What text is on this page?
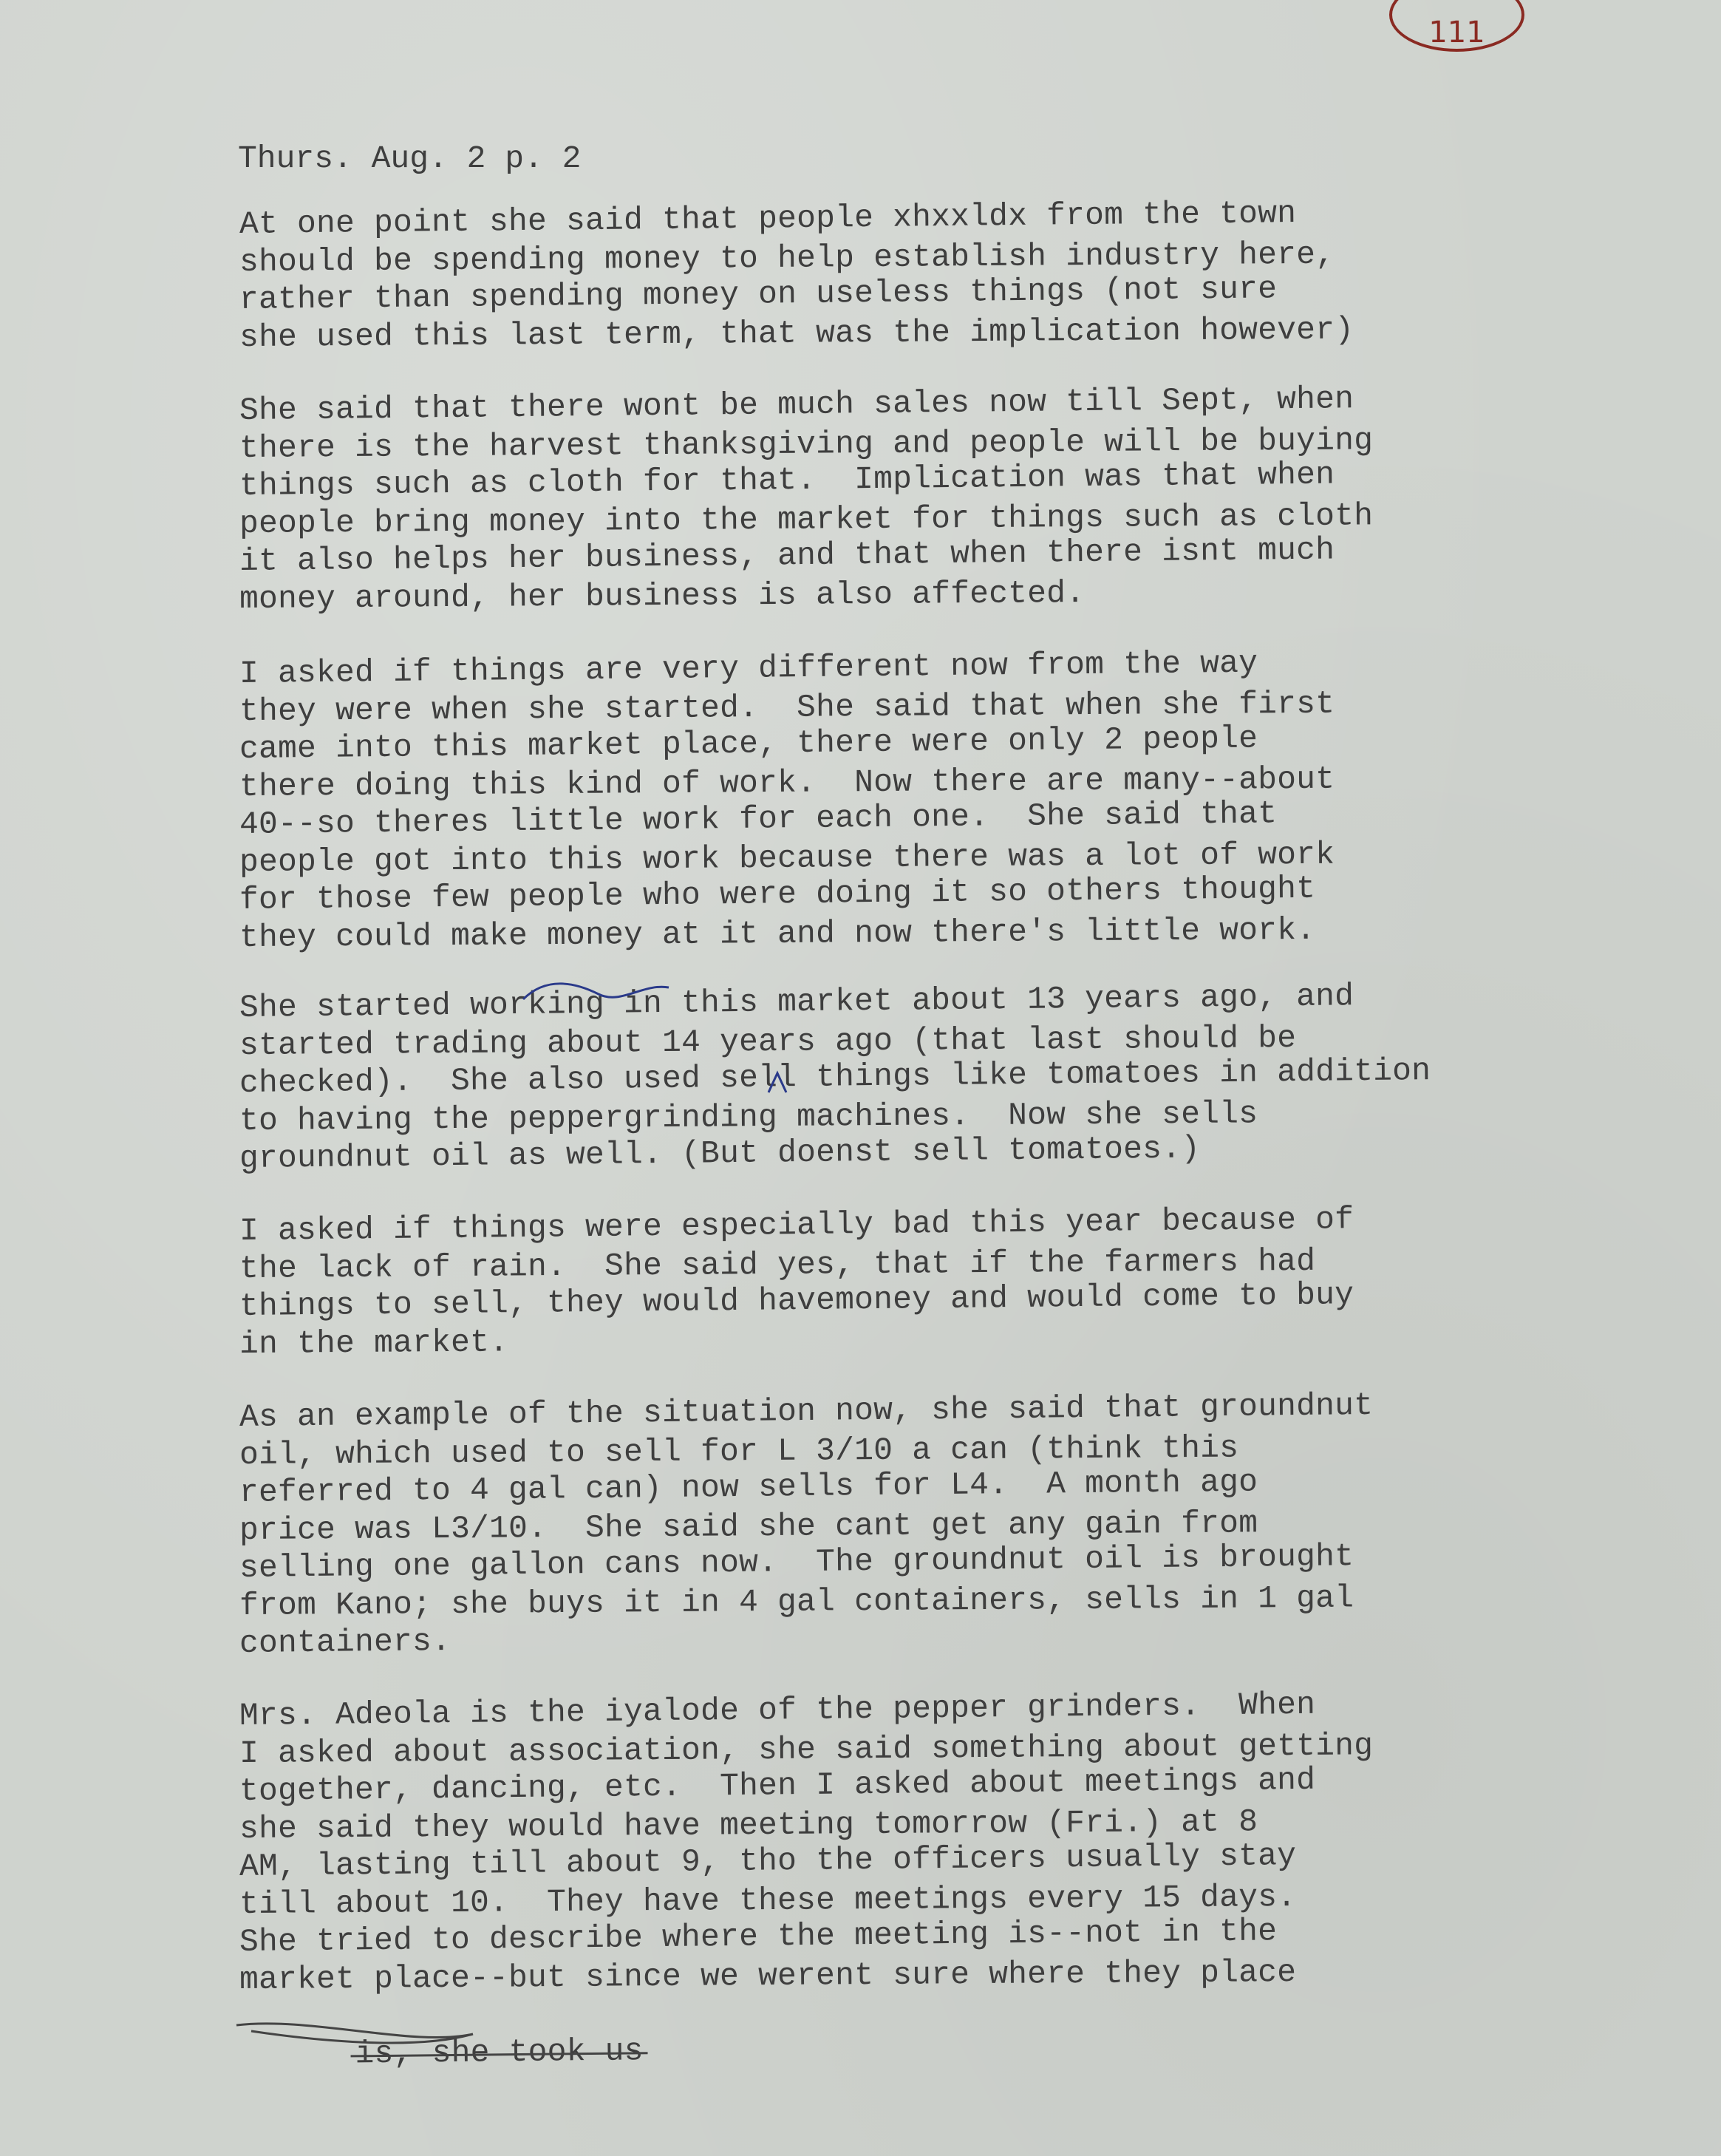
111
Thurs. Aug. 2 p. 2
At one point she said that people xhxxldx from the town
should be spending money to help establish industry here,
rather than spending money on useless things (not sure
she used this last term, that was the implication however)
She said that there wont be much sales now till Sept, when
there is the harvest thanksgiving and people will be buying
things such as cloth for that.  Implication was that when
people bring money into the market for things such as cloth
it also helps her business, and that when there isnt much
money around, her business is also affected.
I asked if things are very different now from the way
they were when she started.  She said that when she first
came into this market place, there were only 2 people
there doing this kind of work.  Now there are many--about
40--so theres little work for each one.  She said that
people got into this work because there was a lot of work
for those few people who were doing it so others thought
they could make money at it and now there's little work.
She started working in this market about 13 years ago, and
started trading about 14 years ago (that last should be
checked).  She also used sell things like tomatoes in addition
to having the peppergrinding machines.  Now she sells
groundnut oil as well. (But doenst sell tomatoes.)
I asked if things were especially bad this year because of
the lack of rain.  She said yes, that if the farmers had
things to sell, they would havemoney and would come to buy
in the market.
As an example of the situation now, she said that groundnut
oil, which used to sell for L 3/10 a can (think this
referred to 4 gal can) now sells for L4.  A month ago
price was L3/10.  She said she cant get any gain from
selling one gallon cans now.  The groundnut oil is brought
from Kano; she buys it in 4 gal containers, sells in 1 gal
containers.
Mrs. Adeola is the iyalode of the pepper grinders.  When
I asked about association, she said something about getting
together, dancing, etc.  Then I asked about meetings and
she said they would have meeting tomorrow (Fri.) at 8
AM, lasting till about 9, tho the officers usually stay
till about 10.  They have these meetings every 15 days.
She tried to describe where the meeting is--not in the
market place--but since we werent sure where they place

is, she took us
